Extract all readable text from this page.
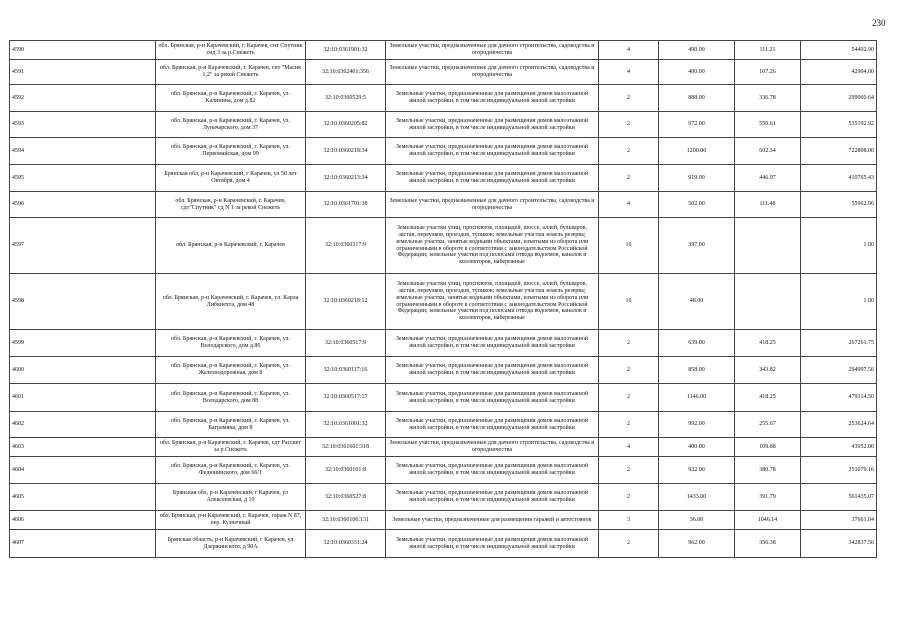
230
4590	обл. Брянская, р-н Карачевский, г. Карачев, снт Спутник снд 3 за р.Снежеть	32:10:0361901:32	Земельные участки, предназначенные для дачного строительства, садоводства и огородничества	4	490.00	111.21	54492.90
4591	обл. Брянская, р-н Карачевский, г. Карачев, снт "Масив 1,2" за рекой Снежеть	32:10:0362401:356	Земельные участки, предназначенные для дачного строительства, садоводства и огородничества	4	400.00	107.26	42904.00
4592	обл. Брянская, р-н Карачевский, г. Карачев, ул. Калинина, дом д.82	32:10:0360529:5	Земельные участки, предназначенные для размещения домов малоэтажной жилой застройки, в том числе индивидуальной жилой застройки	2	888.00	336.78	299060.64
4593	обл. Брянская, р-н Карачевский, г. Карачев, ул. Луначарского, дом 37	32:10:0360205:82	Земельные участки, предназначенные для размещения домов малоэтажной жилой застройки, в том числе индивидуальной жилой застройки	2	972.00	550.61	535192.92
4594	обл. Брянская, р-н Карачевский, г. Карачев, ул. Первомайская, дом 99	32:10:0360218:34	Земельные участки, предназначенные для размещения домов малоэтажной жилой застройки, в том числе индивидуальной жилой застройки	2	1200.00	602.34	722808.00
4595	Брянская обл, р-н Карачевский, г Карачев, ул 50 лет Октября, дом 4	32:10:0360213:34	Земельные участки, предназначенные для размещения домов малоэтажной жилой застройки, в том числе индивидуальной жилой застройки	2	919.00	446.97	410765.43
4596	обл. Брянская, р-н Карачевский, г. Карачев, сдт"Спутник" сд N 1 за рекой Снежеть	32:10:0361701:38	Земельные участки, предназначенные для дачного строительства, садоводства и огородничества	4	502.00	111.48	55962.96
4597	обл. Брянская, р-н Карачевский, г. Карачев	32:10:0360317:9	Земельные участки улиц, проспектов, площадей, шоссе, аллей, бульваров, застав, переулков, проездов, тупиков; земельные участки земель резерва; земельные участки, занятые водными объектами, изъятыми из оборота или ограниченными в обороте в соответствии с законодательством Российской Федерации; земельные участки под полосами отвода водоемов, каналов и коллекторов, набережные	16	397.00		1.00
4598	обл. Брянская, р-н Карачевский, г. Карачев, ул. Карла Либкнехта, дом 48	32:10:0360218:12	Земельные участки улиц, проспектов, площадей, шоссе, аллей, бульваров, застав, переулков, проездов, тупиков; земельные участки земель резерва; земельные участки, занятые водными объектами, изъятыми из оборота или ограниченными в обороте в соответствии с законодательством Российской Федерации; земельные участки под полосами отвода водоемов, каналов и коллекторов, набережные	16	48.00		1.00
4599	обл. Брянская, р-н Карачевский, г. Карачев, ул. Володарского, дом д.86	32:10:0360517:9	Земельные участки, предназначенные для размещения домов малоэтажной жилой застройки, в том числе индивидуальной жилой застройки	2	639.00	418.25	267261.75
4600	обл. Брянская, р-н Карачевский, г. Карачев, ул. Железнодорожная, дом 8	32:10:0360117:16	Земельные участки, предназначенные для размещения домов малоэтажной жилой застройки, в том числе индивидуальной жилой застройки	2	858.00	343.82	294997.56
4601	обл. Брянская, р-н Карачевский, г. Карачев, ул. Володарского, дом 88	32:10:0360517:17	Земельные участки, предназначенные для размещения домов малоэтажной жилой застройки, в том числе индивидуальной жилой застройки	2	1146.00	418.25	479314.50
4602	обл. Брянская, р-н Карачевский, г. Карачев, ул. Баграмяна, дом 8	32:10:0361001:32	Земельные участки, предназначенные для размещения домов малоэтажной жилой застройки, в том числе индивидуальной жилой застройки	2	992.00	255.67	253624.64
4603	обл. Брянская, р-н Карачевский, г. Карачев, сдт Рассвет за р.Снежеть	32:10:0361601:318	Земельные участки, предназначенные для дачного строительства, садоводства и огородничества	4	400.00	109.88	43952.00
4604	обл. Брянская, р-н Карачевский, г. Карачев, ул. Федюнинского, дом 66/1	32:10:0360101:8	Земельные участки, предназначенные для размещения домов малоэтажной жилой застройки, в том числе индивидуальной жилой застройки	2	922.00	380.78	351079.16
4605	Брянская обл, р-н Карачевский, г Карачев, ул Алексеевская, д 10	32:10:0360527:8	Земельные участки, предназначенные для размещения домов малоэтажной жилой застройки, в том числе индивидуальной жилой застройки	2	1433.00	391.79	561435.07
4606	обл. Брянская, р-н Карачевский, г. Карачев, гараж N 87, пер. Кузнечный	32:10:0360106:131	Земельные участки, предназначенные для размещения гаражей и автостоянок	3	36.00	1046.14	37661.04
4607	Брянская область, р-н Карачевский, г Карачев, ул Дзержинского, д 90А	32:10:0360331:24	Земельные участки, предназначенные для размещения домов малоэтажной жилой застройки, в том числе индивидуальной жилой застройки	2	962.00	356.38	342837.56
